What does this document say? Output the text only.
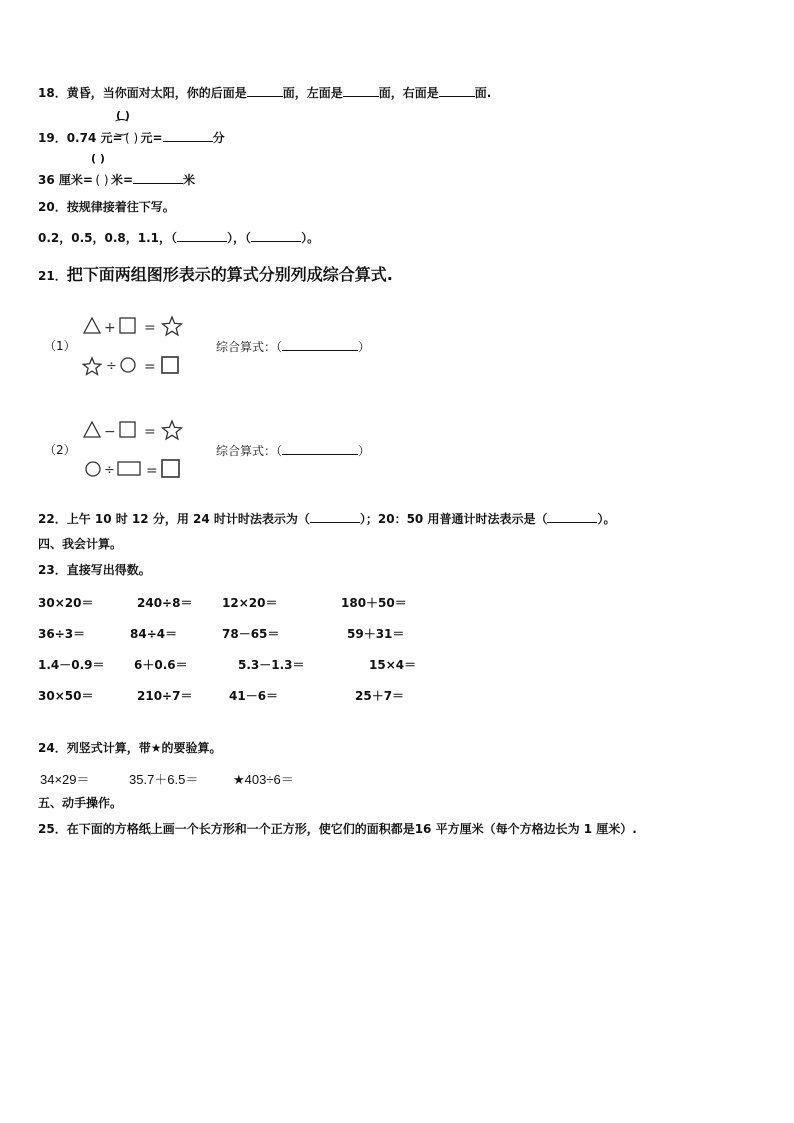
18．黄昏，当你面对太阳，你的后面是	面，左面是	面，右面是	面.
( )
⁐
19．0.74 元= ( ) 元=	分
( )
36 厘米= ( ) 米=	米
20．按规律接着往下写。
0.2，0.5，0.8，1.1，（	），（	）。
21．把下面两组图形表示的算式分别列成综合算式.
（1）
+ =
÷ =
综合算式：（	）
（2）
− =
÷ =
综合算式：（	）
22．上午 10 时 12 分，用 24 时计时法表示为（	）；20：50 用普通计时法表示是（	）。
四、我会计算。
23．直接写出得数。
30×20＝	240÷8＝ 12×20＝	180＋50＝
36÷3＝	84÷4＝	78－65＝	59＋31＝
1.4－0.9＝ 6＋0.6＝	5.3－1.3＝	15×4＝
30×50＝	210÷7＝	41－6＝	25＋7＝
24．列竖式计算，带★的要验算。
34×29＝	35.7＋6.5＝	★403÷6＝
五、动手操作。
25．在下面的方格纸上画一个长方形和一个正方形，使它们的面积都是16 平方厘米（每个方格边长为 1 厘米）.
